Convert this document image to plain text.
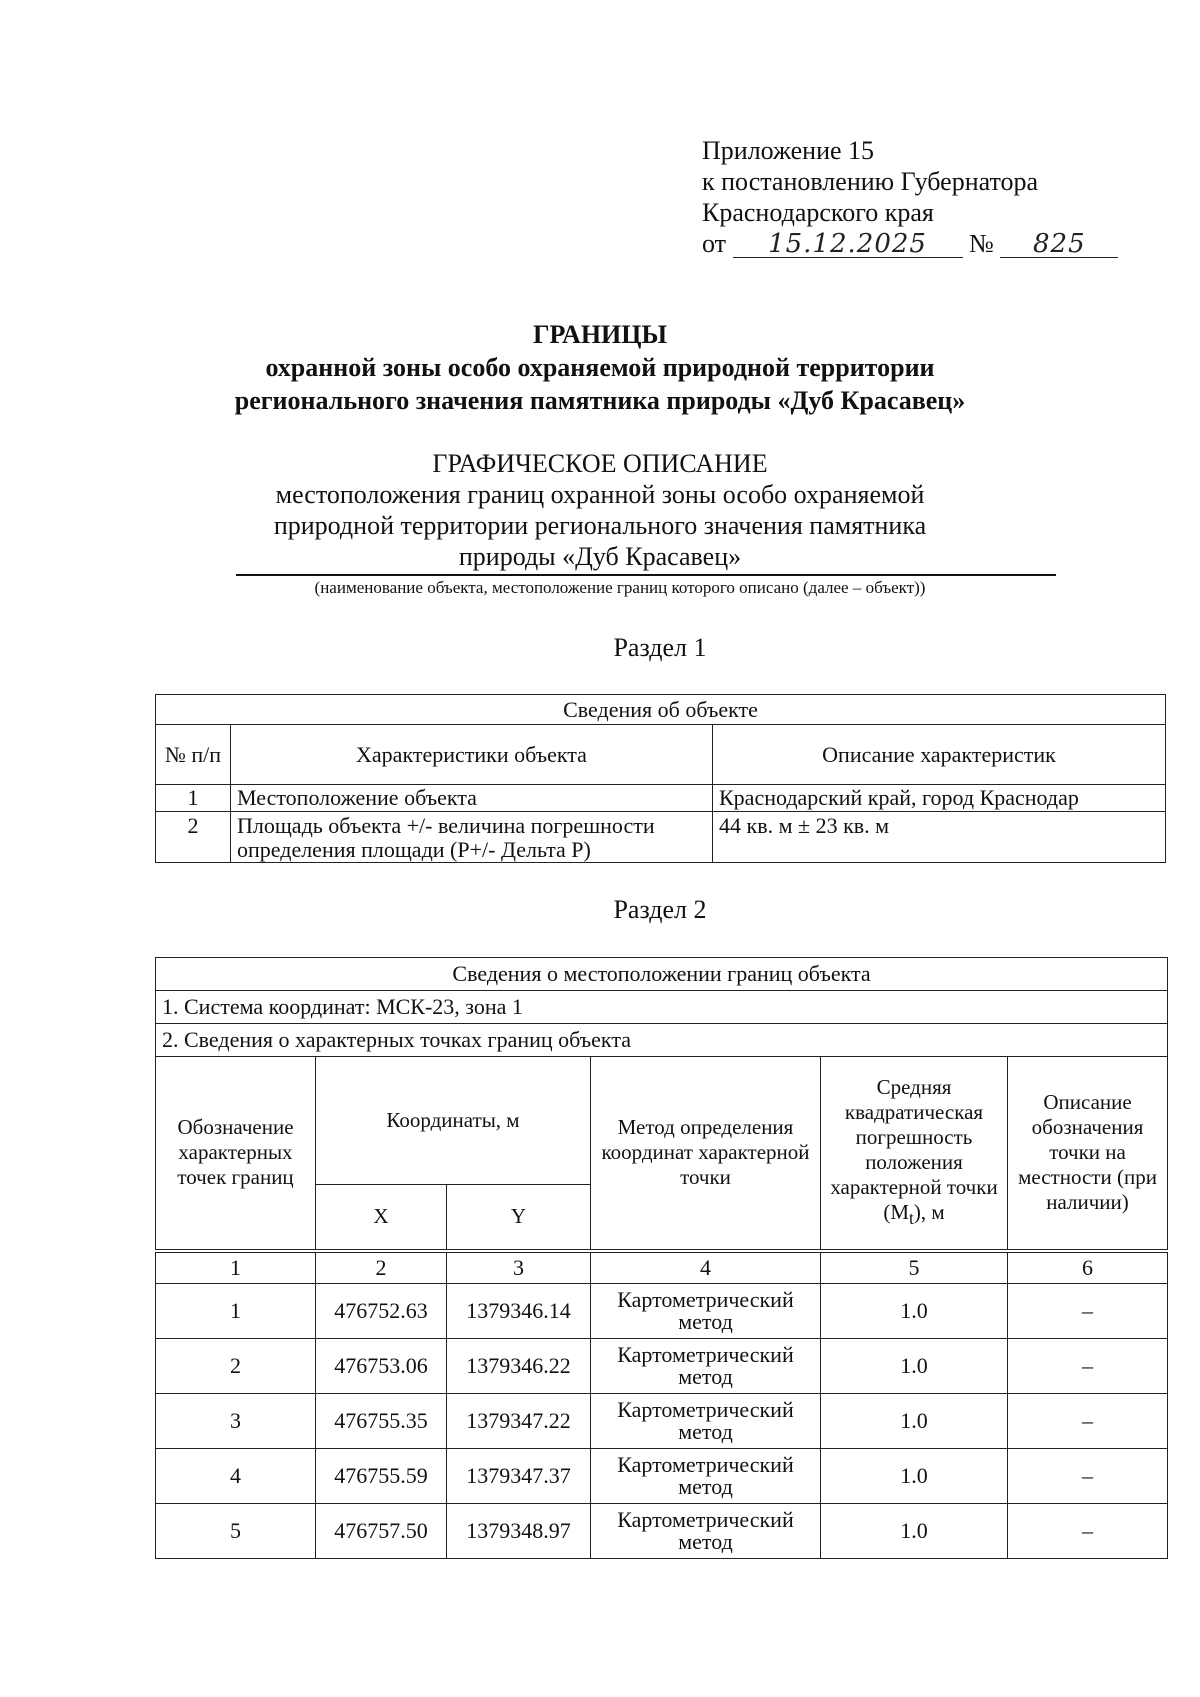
Приложение 15
к постановлению Губернатора
Краснодарского края
от 15.12.2025 № 825
ГРАНИЦЫ
охранной зоны особо охраняемой природной территории
регионального значения памятника природы «Дуб Красавец»
ГРАФИЧЕСКОЕ ОПИСАНИЕ
местоположения границ охранной зоны особо охраняемой
природной территории регионального значения памятника
природы «Дуб Красавец»
(наименование объекта, местоположение границ которого описано (далее – объект))
Раздел 1
Сведения об объекте		
№ п/п	Характеристики объекта	Описание характеристик
1	Местоположение объекта	Краснодарский край, город Краснодар
2	Площадь объекта +/- величина погрешности определения площади (Р+/- Дельта Р)	44 кв. м ± 23 кв. м
Раздел 2
Сведения о местоположении границ объекта					
1. Система координат: МСК-23, зона 1					
2. Сведения о характерных точках границ объекта					
Обозначение характерных точек границ	Координаты, м		Метод определения координат характерной точки	Средняя квадратическая погрешность положения характерной точки $(M_t)$, м	Описание обозначения точки на местности (при наличии)
	X	Y			
1	2	3	4	5	6
1	476752.63	1379346.14	Картометрический метод	1.0	–
2	476753.06	1379346.22	Картометрический метод	1.0	–
3	476755.35	1379347.22	Картометрический метод	1.0	–
4	476755.59	1379347.37	Картометрический метод	1.0	–
5	476757.50	1379348.97	Картометрический метод	1.0	–
